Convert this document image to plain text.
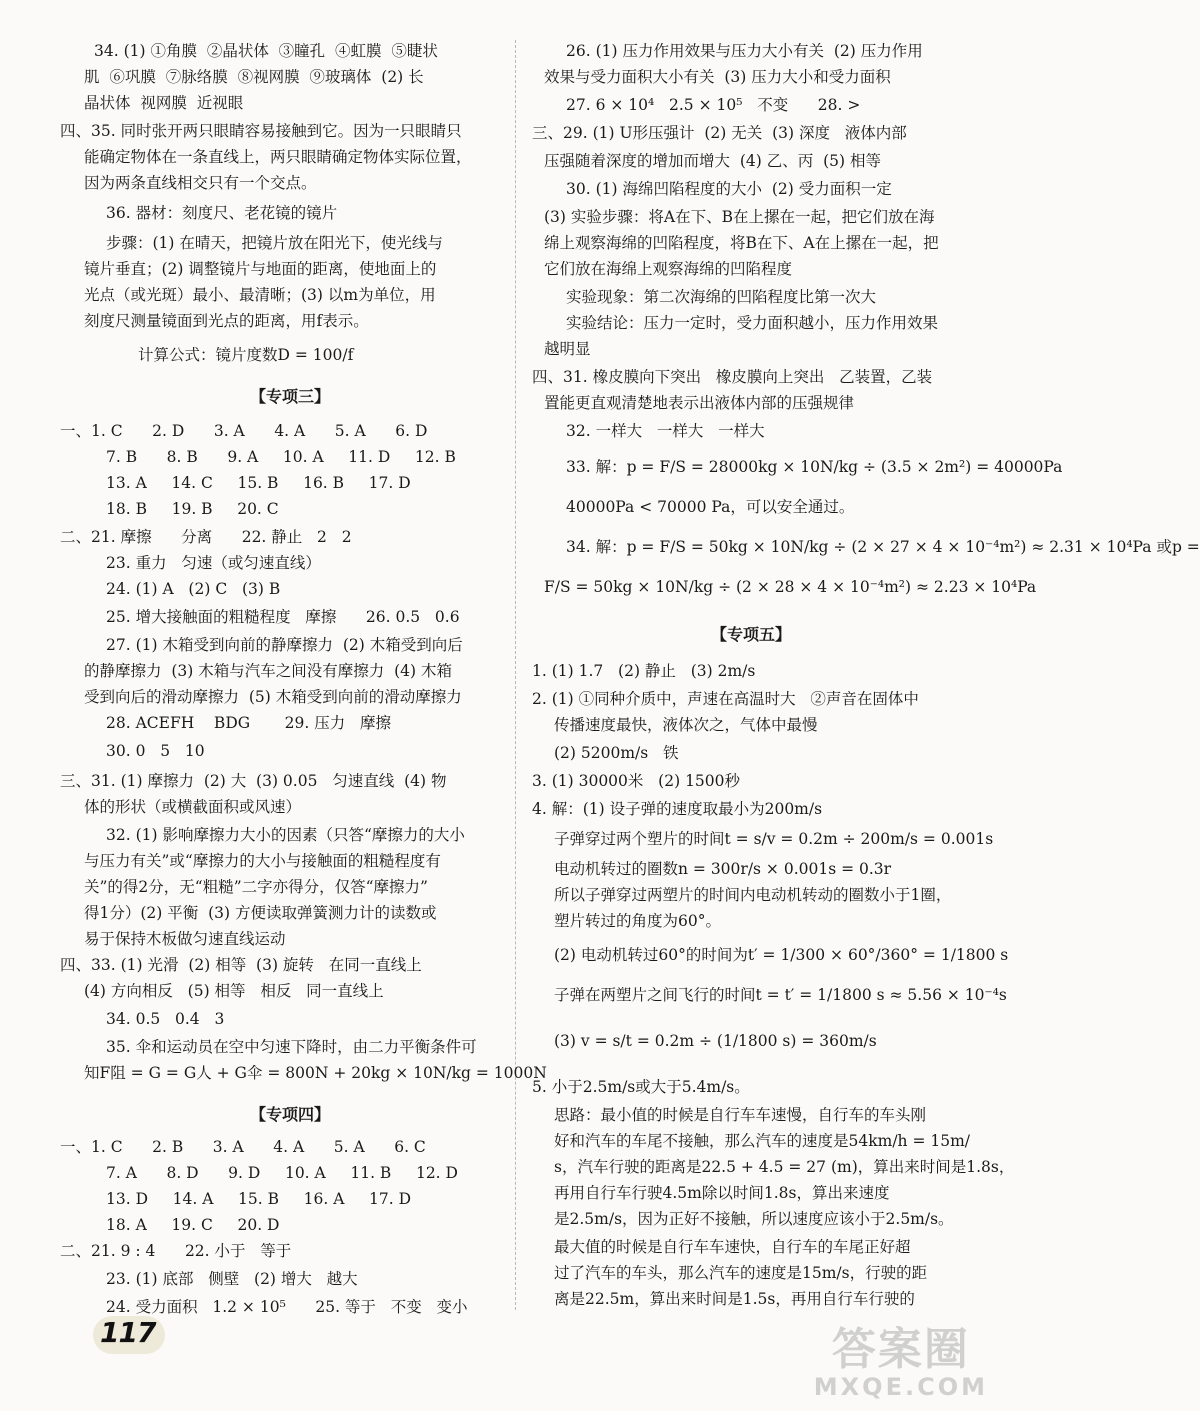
34. (1) ①角膜  ②晶状体  ③瞳孔  ④虹膜  ⑤睫状
肌  ⑥巩膜  ⑦脉络膜  ⑧视网膜  ⑨玻璃体  (2) 长
晶状体  视网膜  近视眼
四、35. 同时张开两只眼睛容易接触到它。因为一只眼睛只
能确定物体在一条直线上，两只眼睛确定物体实际位置，
因为两条直线相交只有一个交点。
36. 器材：刻度尺、老花镜的镜片
步骤：(1) 在晴天，把镜片放在阳光下，使光线与
镜片垂直；(2) 调整镜片与地面的距离，使地面上的
光点（或光斑）最小、最清晰；(3) 以m为单位，用
刻度尺测量镜面到光点的距离，用f表示。
计算公式：镜片度数D = 100/f
【专项三】
一、1. C      2. D      3. A      4. A      5. A      6. D
7. B      8. B      9. A     10. A     11. D     12. B
13. A     14. C     15. B     16. B     17. D
18. B     19. B     20. C
二、21. 摩擦      分离      22. 静止   2   2
23. 重力   匀速（或匀速直线）
24. (1) A   (2) C   (3) B
25. 增大接触面的粗糙程度   摩擦      26. 0.5   0.6
27. (1) 木箱受到向前的静摩擦力  (2) 木箱受到向后
的静摩擦力  (3) 木箱与汽车之间没有摩擦力  (4) 木箱
受到向后的滑动摩擦力  (5) 木箱受到向前的滑动摩擦力
28. ACEFH    BDG       29. 压力   摩擦
30. 0   5   10
三、31. (1) 摩擦力  (2) 大  (3) 0.05   匀速直线  (4) 物
体的形状（或横截面积或风速）
32. (1) 影响摩擦力大小的因素（只答“摩擦力的大小
与压力有关”或“摩擦力的大小与接触面的粗糙程度有
关”的得2分，无“粗糙”二字亦得分，仅答“摩擦力”
得1分）(2) 平衡  (3) 方便读取弹簧测力计的读数或
易于保持木板做匀速直线运动
四、33. (1) 光滑  (2) 相等  (3) 旋转   在同一直线上
(4) 方向相反   (5) 相等   相反   同一直线上
34. 0.5   0.4   3
35. 伞和运动员在空中匀速下降时，由二力平衡条件可
知F阻 = G = G人 + G伞 = 800N + 20kg × 10N/kg = 1000N
【专项四】
一、1. C      2. B      3. A      4. A      5. A      6. C
7. A      8. D      9. D     10. A     11. B     12. D
13. D     14. A     15. B     16. A     17. D
18. A     19. C     20. D
二、21. 9 : 4      22. 小于   等于
23. (1) 底部   侧壁   (2) 增大   越大
24. 受力面积   1.2 × 10⁵      25. 等于   不变   变小
26. (1) 压力作用效果与压力大小有关  (2) 压力作用
效果与受力面积大小有关  (3) 压力大小和受力面积
27. 6 × 10⁴   2.5 × 10⁵   不变      28. >
三、29. (1) U形压强计  (2) 无关  (3) 深度   液体内部
压强随着深度的增加而增大  (4) 乙、丙  (5) 相等
30. (1) 海绵凹陷程度的大小  (2) 受力面积一定
(3) 实验步骤：将A在下、B在上摞在一起，把它们放在海
绵上观察海绵的凹陷程度，将B在下、A在上摞在一起，把
它们放在海绵上观察海绵的凹陷程度
实验现象：第二次海绵的凹陷程度比第一次大
实验结论：压力一定时，受力面积越小，压力作用效果
越明显
四、31. 橡皮膜向下突出   橡皮膜向上突出   乙装置，乙装
置能更直观清楚地表示出液体内部的压强规律
32. 一样大   一样大   一样大
33. 解：p = F/S = 28000kg × 10N/kg ÷ (3.5 × 2m²) = 40000Pa
40000Pa < 70000 Pa，可以安全通过。
34. 解：p = F/S = 50kg × 10N/kg ÷ (2 × 27 × 4 × 10⁻⁴m²) ≈ 2.31 × 10⁴Pa 或p =
F/S = 50kg × 10N/kg ÷ (2 × 28 × 4 × 10⁻⁴m²) ≈ 2.23 × 10⁴Pa
【专项五】
1. (1) 1.7   (2) 静止   (3) 2m/s
2. (1) ①同种介质中，声速在高温时大   ②声音在固体中
传播速度最快，液体次之，气体中最慢
(2) 5200m/s   铁
3. (1) 30000米   (2) 1500秒
4. 解：(1) 设子弹的速度取最小为200m/s
子弹穿过两个塑片的时间t = s/v = 0.2m ÷ 200m/s = 0.001s
电动机转过的圈数n = 300r/s × 0.001s = 0.3r
所以子弹穿过两塑片的时间内电动机转动的圈数小于1圈，
塑片转过的角度为60°。
(2) 电动机转过60°的时间为t′ = 1/300 × 60°/360° = 1/1800 s
子弹在两塑片之间飞行的时间t = t′ = 1/1800 s ≈ 5.56 × 10⁻⁴s
(3) v = s/t = 0.2m ÷ (1/1800 s) = 360m/s
5. 小于2.5m/s或大于5.4m/s。
思路：最小值的时候是自行车车速慢，自行车的车头刚
好和汽车的车尾不接触，那么汽车的速度是54km/h = 15m/
s，汽车行驶的距离是22.5 + 4.5 = 27 (m)，算出来时间是1.8s，
再用自行车行驶4.5m除以时间1.8s，算出来速度
是2.5m/s，因为正好不接触，所以速度应该小于2.5m/s。
最大值的时候是自行车车速快，自行车的车尾正好超
过了汽车的车头，那么汽车的速度是15m/s，行驶的距
离是22.5m，算出来时间是1.5s，再用自行车行驶的
117	答案圈
MXQE.COM
